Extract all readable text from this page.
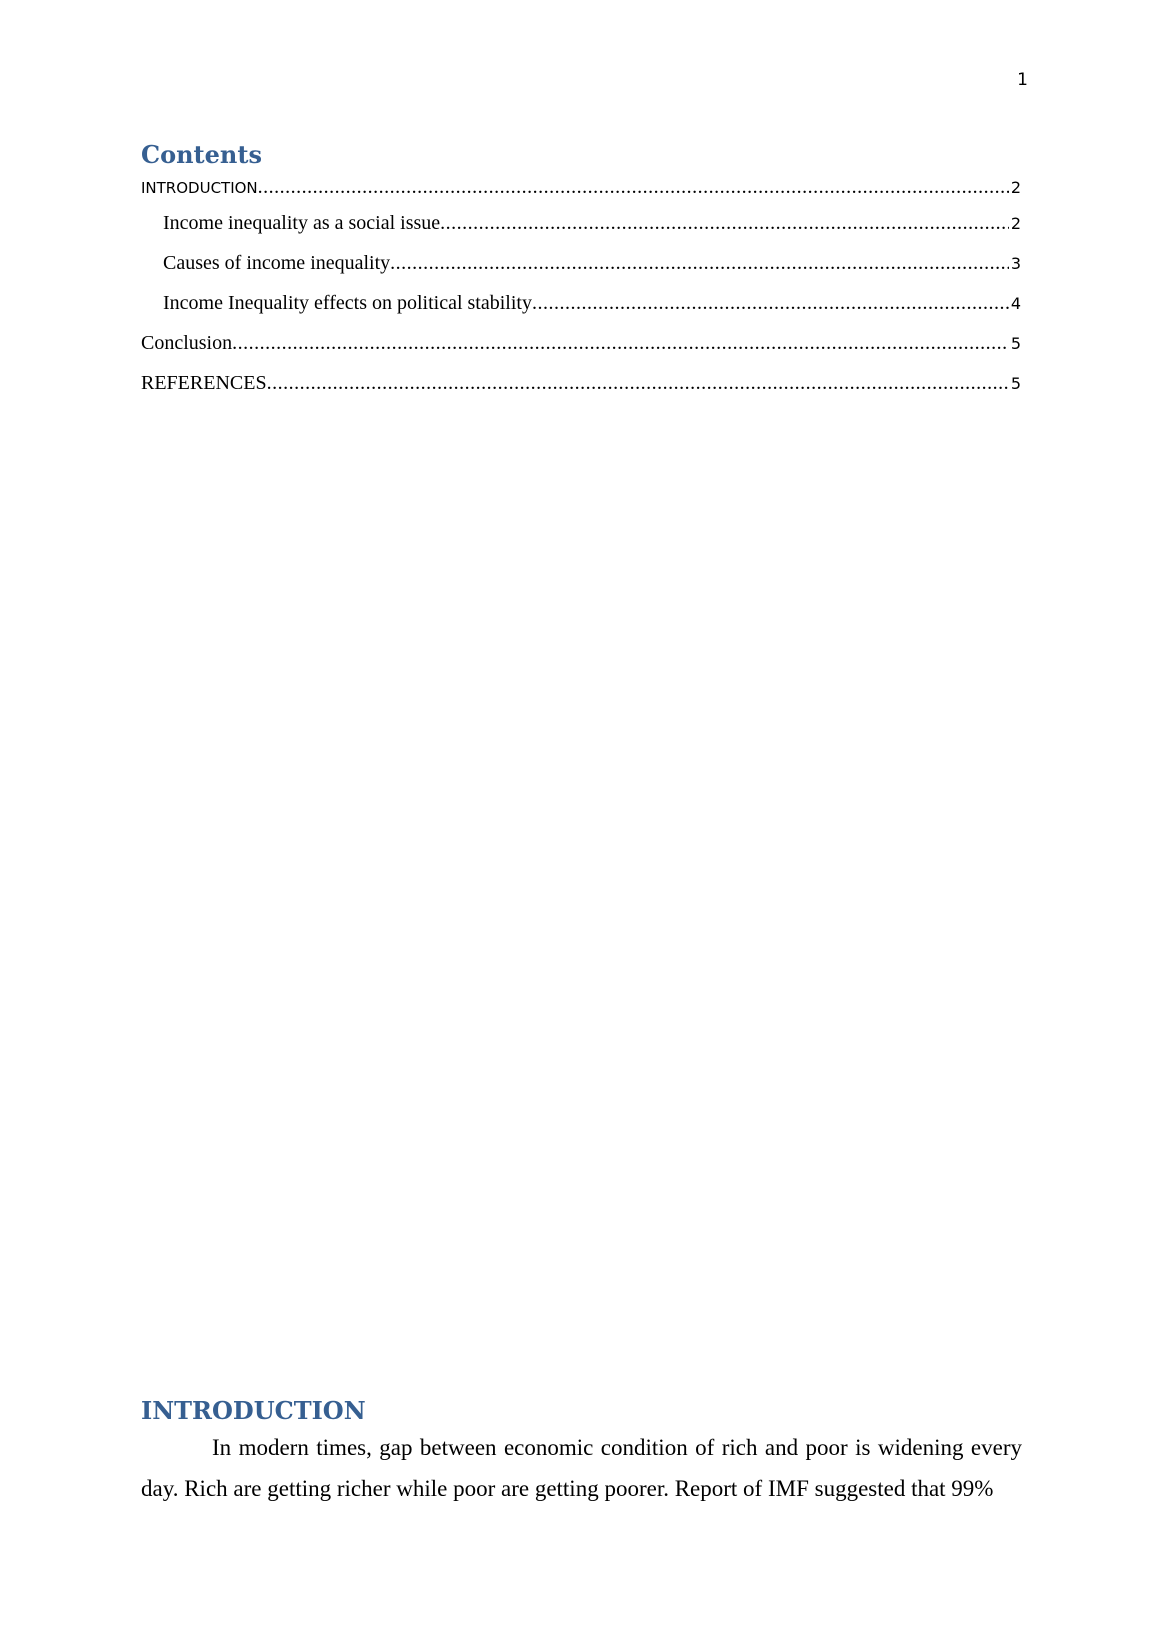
1
Contents
INTRODUCTION .....	2
Income inequality as a social issue .....	2
Causes of income inequality .....	3
Income Inequality effects on political stability .....	4
Conclusion .....	5
REFERENCES .....	5
INTRODUCTION

In modern times, gap between economic condition of rich and poor is widening every day. Rich are getting richer while poor are getting poorer. Report of IMF suggested that 99%
